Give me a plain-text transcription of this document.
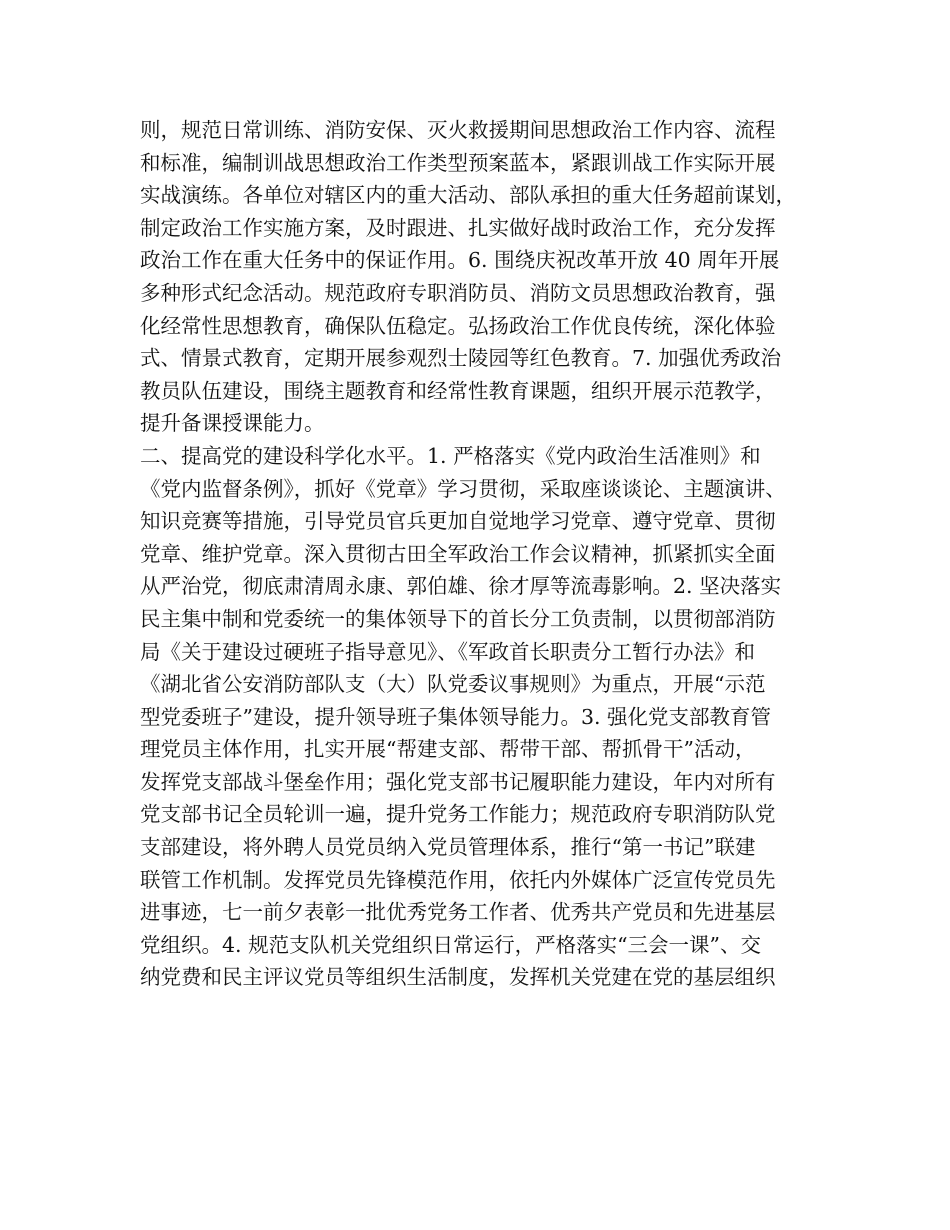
则，规范日常训练、消防安保、灭火救援期间思想政治工作内容、流程
和标准，编制训战思想政治工作类型预案蓝本，紧跟训战工作实际开展
实战演练。各单位对辖区内的重大活动、部队承担的重大任务超前谋划，
制定政治工作实施方案，及时跟进、扎实做好战时政治工作，充分发挥
政治工作在重大任务中的保证作用。6. 围绕庆祝改革开放 40 周年开展
多种形式纪念活动。规范政府专职消防员、消防文员思想政治教育，强
化经常性思想教育，确保队伍稳定。弘扬政治工作优良传统，深化体验
式、情景式教育，定期开展参观烈士陵园等红色教育。7. 加强优秀政治
教员队伍建设，围绕主题教育和经常性教育课题，组织开展示范教学，
提升备课授课能力。
二、提高党的建设科学化水平。1. 严格落实《党内政治生活准则》和
《党内监督条例》，抓好《党章》学习贯彻，采取座谈谈论、主题演讲、
知识竞赛等措施，引导党员官兵更加自觉地学习党章、遵守党章、贯彻
党章、维护党章。深入贯彻古田全军政治工作会议精神，抓紧抓实全面
从严治党，彻底肃清周永康、郭伯雄、徐才厚等流毒影响。2. 坚决落实
民主集中制和党委统一的集体领导下的首长分工负责制，以贯彻部消防
局《关于建设过硬班子指导意见》、《军政首长职责分工暂行办法》和
《湖北省公安消防部队支（大）队党委议事规则》为重点，开展“示范
型党委班子”建设，提升领导班子集体领导能力。3. 强化党支部教育管
理党员主体作用，扎实开展“帮建支部、帮带干部、帮抓骨干”活动，
发挥党支部战斗堡垒作用；强化党支部书记履职能力建设，年内对所有
党支部书记全员轮训一遍，提升党务工作能力；规范政府专职消防队党
支部建设，将外聘人员党员纳入党员管理体系，推行“第一书记”联建
联管工作机制。发挥党员先锋模范作用，依托内外媒体广泛宣传党员先
进事迹，七一前夕表彰一批优秀党务工作者、优秀共产党员和先进基层
党组织。4. 规范支队机关党组织日常运行，严格落实“三会一课”、交
纳党费和民主评议党员等组织生活制度，发挥机关党建在党的基层组织
